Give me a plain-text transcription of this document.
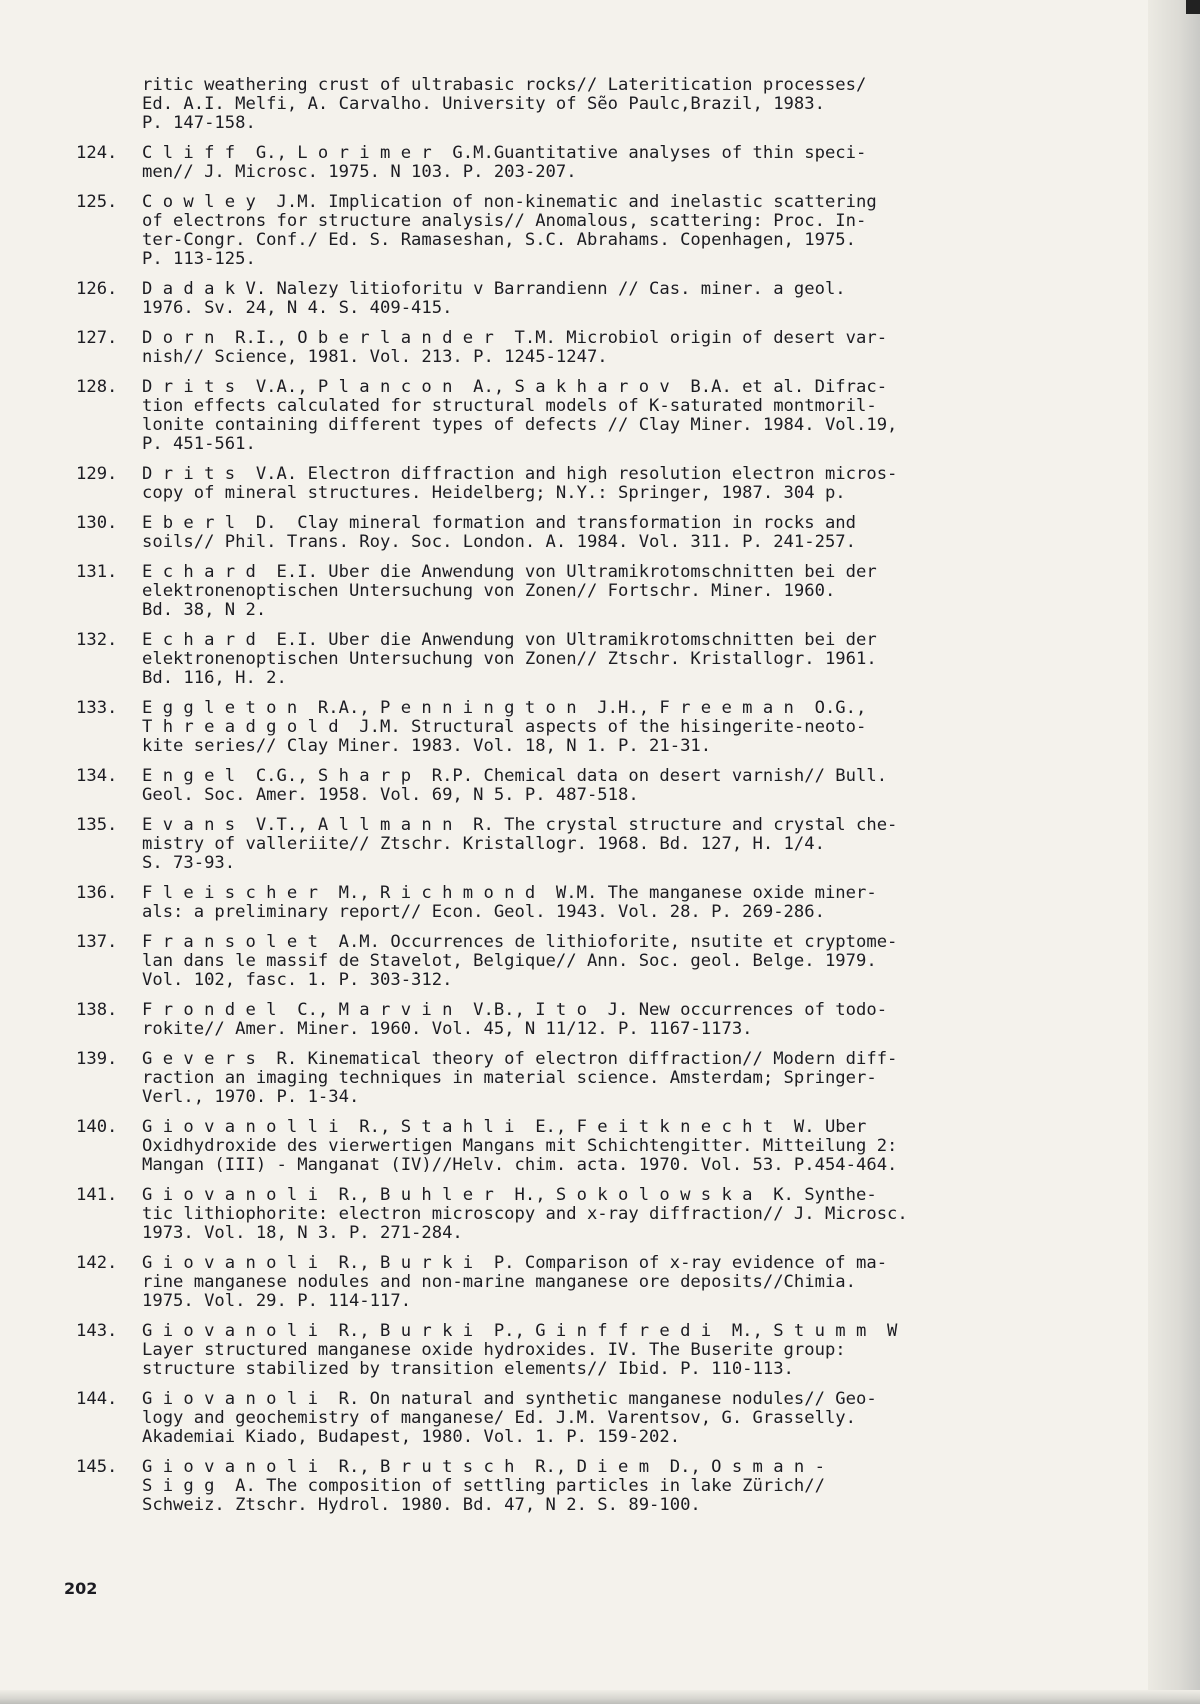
ritic weathering crust of ultrabasic rocks// Lateritication processes/
Ed. A.I. Melfi, A. Carvalho. University of Sẽo Paulc,Brazil, 1983.
P. 147-158.
124.	C l i f f  G., L o r i m e r  G.M.Guantitative analyses of thin speci-
men// J. Microsc. 1975. N 103. P. 203-207.
125.	C o w l e y  J.M. Implication of non-kinematic and inelastic scattering
of electrons for structure analysis// Anomalous, scattering: Proc. In-
ter-Congr. Conf./ Ed. S. Ramaseshan, S.C. Abrahams. Copenhagen, 1975.
P. 113-125.
126.	D a d a k V. Nalezy litioforitu v Barrandienn // Cas. miner. a geol.
1976. Sv. 24, N 4. S. 409-415.
127.	D o r n  R.I., O b e r l a n d e r  T.M. Microbiol origin of desert var-
nish// Science, 1981. Vol. 213. P. 1245-1247.
128.	D r i t s  V.A., P l a n c o n  A., S a k h a r o v  B.A. et al. Difrac-
tion effects calculated for structural models of K-saturated montmoril-
lonite containing different types of defects // Clay Miner. 1984. Vol.19,
P. 451-561.
129.	D r i t s  V.A. Electron diffraction and high resolution electron micros-
copy of mineral structures. Heidelberg; N.Y.: Springer, 1987. 304 p.
130.	E b e r l  D.  Clay mineral formation and transformation in rocks and
soils// Phil. Trans. Roy. Soc. London. A. 1984. Vol. 311. P. 241-257.
131.	E c h a r d  E.I. Uber die Anwendung von Ultramikrotomschnitten bei der
elektronenoptischen Untersuchung von Zonen// Fortschr. Miner. 1960.
Bd. 38, N 2.
132.	E c h a r d  E.I. Uber die Anwendung von Ultramikrotomschnitten bei der
elektronenoptischen Untersuchung von Zonen// Ztschr. Kristallogr. 1961.
Bd. 116, H. 2.
133.	E g g l e t o n  R.A., P e n n i n g t o n  J.H., F r e e m a n  O.G.,
T h r e a d g o l d  J.M. Structural aspects of the hisingerite-neoto-
kite series// Clay Miner. 1983. Vol. 18, N 1. P. 21-31.
134.	E n g e l  C.G., S h a r p  R.P. Chemical data on desert varnish// Bull.
Geol. Soc. Amer. 1958. Vol. 69, N 5. P. 487-518.
135.	E v a n s  V.T., A l l m a n n  R. The crystal structure and crystal che-
mistry of valleriite// Ztschr. Kristallogr. 1968. Bd. 127, H. 1/4.
S. 73-93.
136.	F l e i s c h e r  M., R i c h m o n d  W.M. The manganese oxide miner-
als: a preliminary report// Econ. Geol. 1943. Vol. 28. P. 269-286.
137.	F r a n s o l e t  A.M. Occurrences de lithioforite, nsutite et cryptome-
lan dans le massif de Stavelot, Belgique// Ann. Soc. geol. Belge. 1979.
Vol. 102, fasc. 1. P. 303-312.
138.	F r o n d e l  C., M a r v i n  V.B., I t o  J. New occurrences of todo-
rokite// Amer. Miner. 1960. Vol. 45, N 11/12. P. 1167-1173.
139.	G e v e r s  R. Kinematical theory of electron diffraction// Modern diff-
raction an imaging techniques in material science. Amsterdam; Springer-
Verl., 1970. P. 1-34.
140.	G i o v a n o l l i  R., S t a h l i  E., F e i t k n e c h t  W. Uber
Oxidhydroxide des vierwertigen Mangans mit Schichtengitter. Mitteilung 2:
Mangan (III) - Manganat (IV)//Helv. chim. acta. 1970. Vol. 53. P.454-464.
141.	G i o v a n o l i  R., B u h l e r  H., S o k o l o w s k a  K. Synthe-
tic lithiophorite: electron microscopy and x-ray diffraction// J. Microsc.
1973. Vol. 18, N 3. P. 271-284.
142.	G i o v a n o l i  R., B u r k i  P. Comparison of x-ray evidence of ma-
rine manganese nodules and non-marine manganese ore deposits//Chimia.
1975. Vol. 29. P. 114-117.
143.	G i o v a n o l i  R., B u r k i  P., G i n f f r e d i  M., S t u m m  W
Layer structured manganese oxide hydroxides. IV. The Buserite group:
structure stabilized by transition elements// Ibid. P. 110-113.
144.	G i o v a n o l i  R. On natural and synthetic manganese nodules// Geo-
logy and geochemistry of manganese/ Ed. J.M. Varentsov, G. Grasselly.
Akademiai Kiado, Budapest, 1980. Vol. 1. P. 159-202.
145.	G i o v a n o l i  R., B r u t s c h  R., D i e m  D., O s m a n -
S i g g  A. The composition of settling particles in lake Zürich//
Schweiz. Ztschr. Hydrol. 1980. Bd. 47, N 2. S. 89-100.
202
